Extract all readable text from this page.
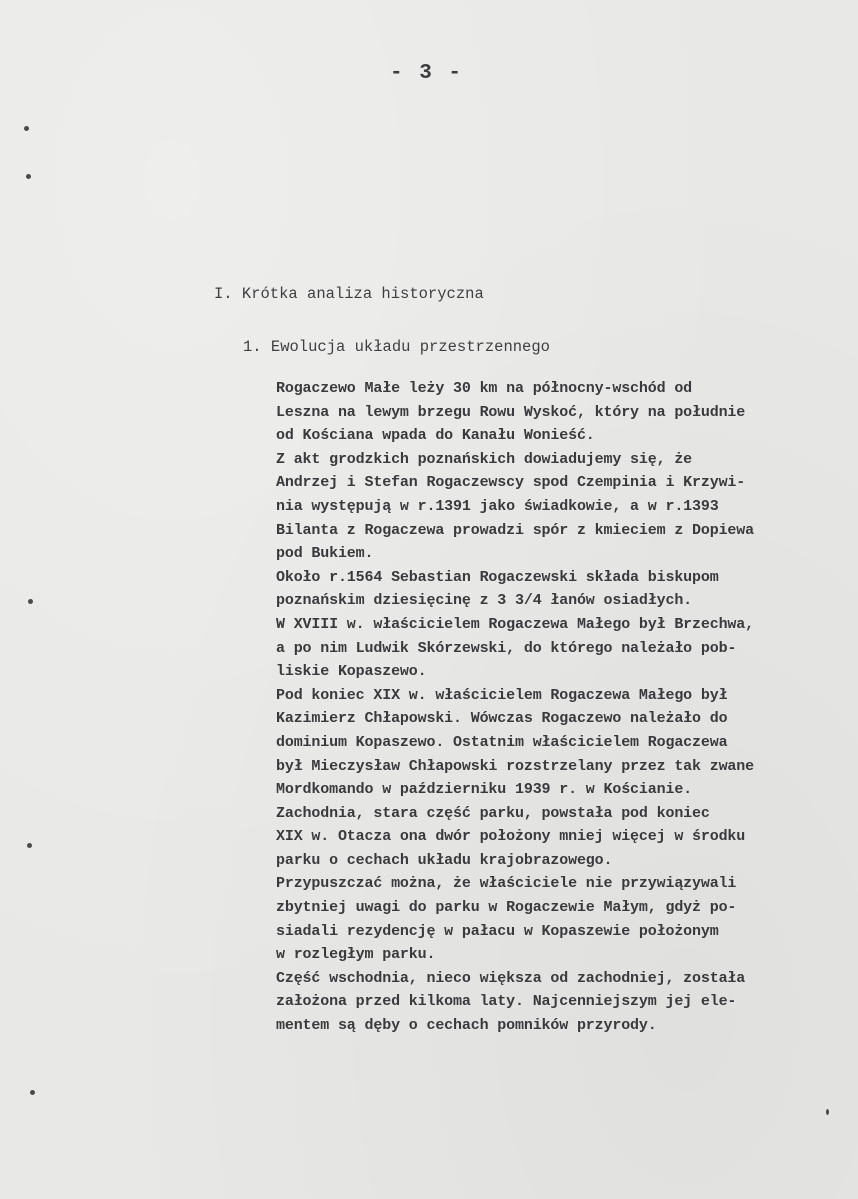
- 3 -
I. Krótka analiza historyczna
1. Ewolucja układu przestrzennego
Rogaczewo Małe leży 30 km na północny-wschód od
Leszna na lewym brzegu Rowu Wyskoć, który na południe
od Kościana wpada do Kanału Wonieść.
Z akt grodzkich poznańskich dowiadujemy się, że
Andrzej i Stefan Rogaczewscy spod Czempinia i Krzywi-
nia występują w r.1391 jako świadkowie, a w r.1393
Bilanta z Rogaczewa prowadzi spór z kmieciem z Dopiewa
pod Bukiem.
Około r.1564 Sebastian Rogaczewski składa biskupom
poznańskim dziesięcinę z 3 3/4 łanów osiadłych.
W XVIII w. właścicielem Rogaczewa Małego był Brzechwa,
a po nim Ludwik Skórzewski, do którego należało pob-
liskie Kopaszewo.
Pod koniec XIX w. właścicielem Rogaczewa Małego był
Kazimierz Chłapowski. Wówczas Rogaczewo należało do
dominium Kopaszewo. Ostatnim właścicielem Rogaczewa
był Mieczysław Chłapowski rozstrzelany przez tak zwane
Mordkomando w październiku 1939 r. w Kościanie.
Zachodnia, stara część parku, powstała pod koniec
XIX w. Otacza ona dwór położony mniej więcej w środku
parku o cechach układu krajobrazowego.
Przypuszczać można, że właściciele nie przywiązywali
zbytniej uwagi do parku w Rogaczewie Małym, gdyż po-
siadali rezydencję w pałacu w Kopaszewie położonym
w rozległym parku.
Część wschodnia, nieco większa od zachodniej, została
założona przed kilkoma laty. Najcenniejszym jej ele-
mentem są dęby o cechach pomników przyrody.
